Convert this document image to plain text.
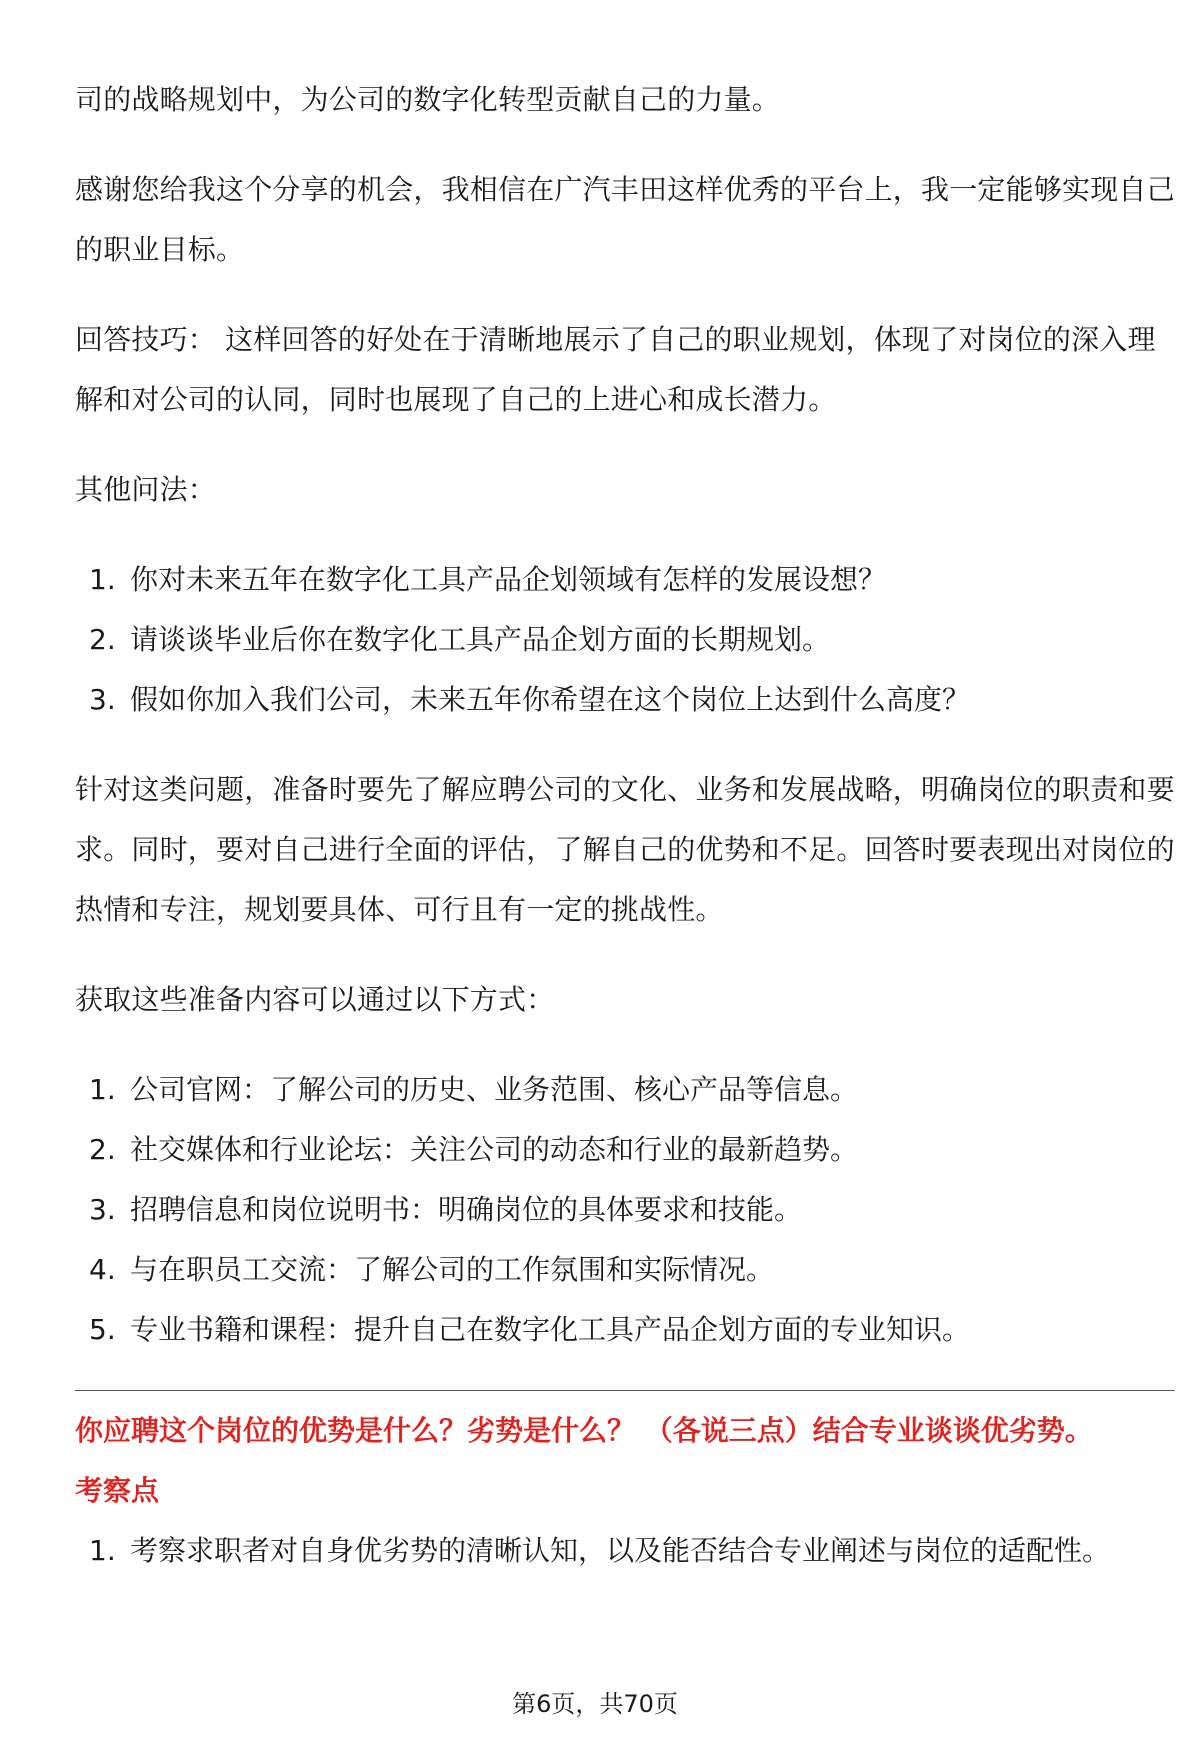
司的战略规划中，为公司的数字化转型贡献自己的力量。

感谢您给我这个分享的机会，我相信在广汽丰田这样优秀的平台上，我一定能够实现自己的职业目标。

回答技巧： 这样回答的好处在于清晰地展示了自己的职业规划，体现了对岗位的深入理解和对公司的认同，同时也展现了自己的上进心和成长潜力。

其他问法：

1. 你对未来五年在数字化工具产品企划领域有怎样的发展设想？
2. 请谈谈毕业后你在数字化工具产品企划方面的长期规划。
3. 假如你加入我们公司，未来五年你希望在这个岗位上达到什么高度？

针对这类问题，准备时要先了解应聘公司的文化、业务和发展战略，明确岗位的职责和要求。同时，要对自己进行全面的评估，了解自己的优势和不足。回答时要表现出对岗位的热情和专注，规划要具体、可行且有一定的挑战性。

获取这些准备内容可以通过以下方式：

1. 公司官网：了解公司的历史、业务范围、核心产品等信息。
2. 社交媒体和行业论坛：关注公司的动态和行业的最新趋势。
3. 招聘信息和岗位说明书：明确岗位的具体要求和技能。
4. 与在职员工交流：了解公司的工作氛围和实际情况。
5. 专业书籍和课程：提升自己在数字化工具产品企划方面的专业知识。
你应聘这个岗位的优势是什么？劣势是什么？ （各说三点）结合专业谈谈优劣势。
考察点
1. 考察求职者对自身优劣势的清晰认知，以及能否结合专业阐述与岗位的适配性。
第6页，共70页
